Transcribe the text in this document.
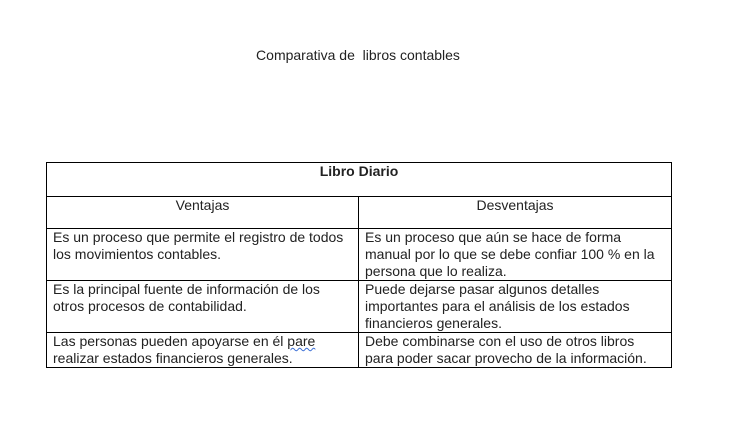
Comparativa de  libros contables
Libro Diario	
Ventajas	Desventajas
Es un proceso que permite el registro de todos los movimientos contables.	Es un proceso que aún se hace de forma manual por lo que se debe confiar 100 % en la persona que lo realiza.
Es la principal fuente de información de los otros procesos de contabilidad.	Puede dejarse pasar algunos detalles importantes para el análisis de los estados financieros generales.
Las personas pueden apoyarse en él pare realizar estados financieros generales.	Debe combinarse con el uso de otros libros para poder sacar provecho de la información.
